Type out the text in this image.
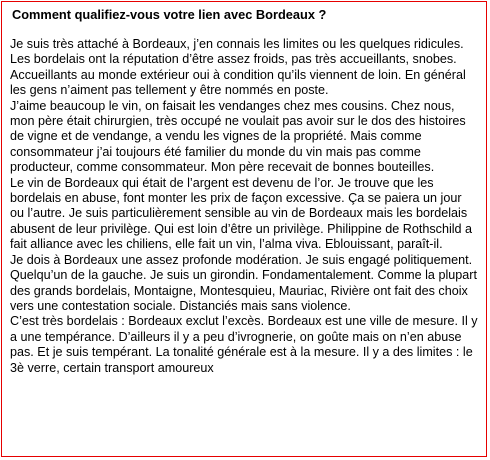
Comment qualifiez-vous votre lien avec Bordeaux ?

Je suis très attaché à Bordeaux, j’en connais les limites ou les quelques ridicules. Les bordelais ont la réputation d’être assez froids, pas très accueillants, snobes. Accueillants au monde extérieur oui à condition qu’ils viennent de loin. En général les gens n’aiment pas tellement y être nommés en poste.

J’aime beaucoup le vin, on faisait les vendanges chez mes cousins. Chez nous, mon père était chirurgien, très occupé ne voulait pas avoir sur le dos des histoires de vigne et de vendange, a vendu les vignes de la propriété. Mais comme consommateur j’ai toujours été familier du monde du vin mais pas comme producteur, comme consommateur. Mon père recevait de bonnes bouteilles.

Le vin de Bordeaux qui était de l’argent est devenu de l’or. Je trouve que les bordelais en abuse, font monter les prix de façon excessive. Ça se paiera un jour ou l’autre. Je suis particulièrement sensible au vin de Bordeaux mais les bordelais abusent de leur privilège. Qui est loin d’être un privilège. Philippine de Rothschild a fait alliance avec les chiliens, elle fait un vin, l’alma viva. Eblouissant, paraît-il.

Je dois à Bordeaux une assez profonde modération. Je suis engagé politiquement. Quelqu’un de la gauche. Je suis un girondin. Fondamentalement. Comme la plupart des grands bordelais, Montaigne, Montesquieu, Mauriac, Rivière ont fait des choix vers une contestation sociale. Distanciés mais sans violence.

C’est très bordelais : Bordeaux exclut l’excès. Bordeaux est une ville de mesure. Il y a une tempérance. D’ailleurs il y a peu d’ivrognerie, on goûte mais on n’en abuse pas. Et je suis tempérant. La tonalité générale est à la mesure. Il y a des limites : le 3è verre, certain transport amoureux
